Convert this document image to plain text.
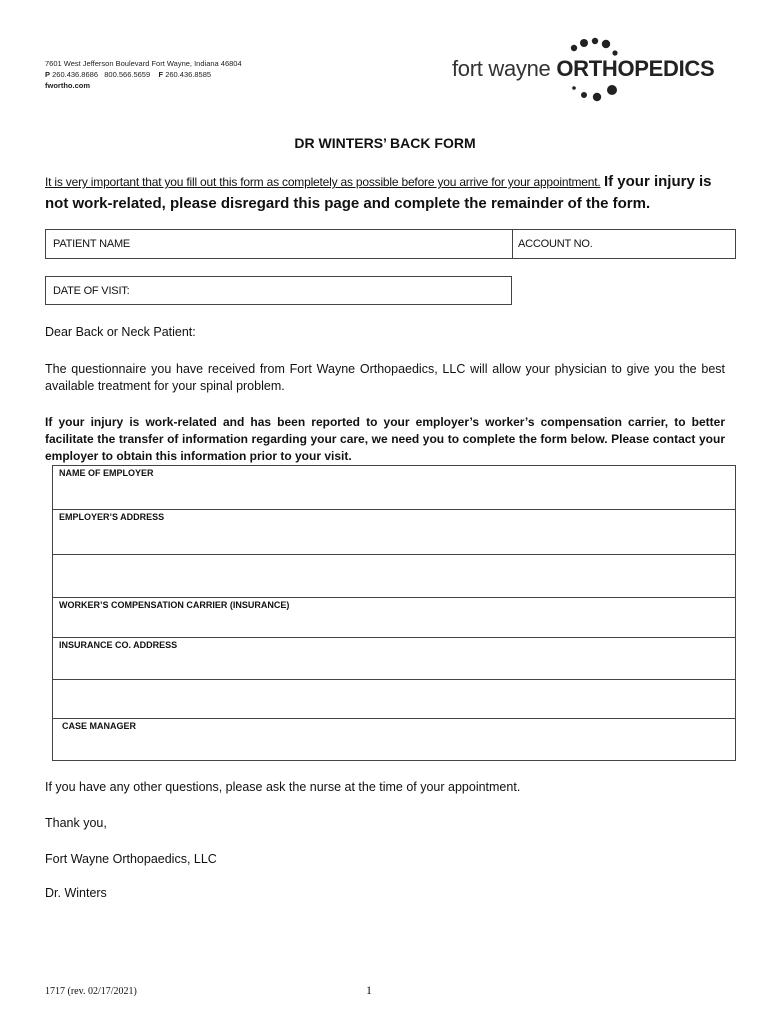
7601 West Jefferson Boulevard Fort Wayne, Indiana 46804
P 260.436.8686 800.566.5659 F 260.436.8585
fwortho.com
fort wayne ORTHOPEDICS
DR WINTERS’ BACK FORM
It is very important that you fill out this form as completely as possible before you arrive for your appointment. If your injury is not work-related, please disregard this page and complete the remainder of the form.
PATIENT NAME	ACCOUNT NO.
DATE OF VISIT:
Dear Back or Neck Patient:
The questionnaire you have received from Fort Wayne Orthopaedics, LLC will allow your physician to give you the best available treatment for your spinal problem.
If your injury is work-related and has been reported to your employer’s worker’s compensation carrier, to better facilitate the transfer of information regarding your care, we need you to complete the form below. Please contact your employer to obtain this information prior to your visit.
NAME OF EMPLOYER
EMPLOYER’S ADDRESS
WORKER’S COMPENSATION CARRIER (INSURANCE)
INSURANCE CO. ADDRESS
CASE MANAGER
If you have any other questions, please ask the nurse at the time of your appointment.
Thank you,
Fort Wayne Orthopaedics, LLC
Dr. Winters
1717 (rev. 02/17/2021)	1
